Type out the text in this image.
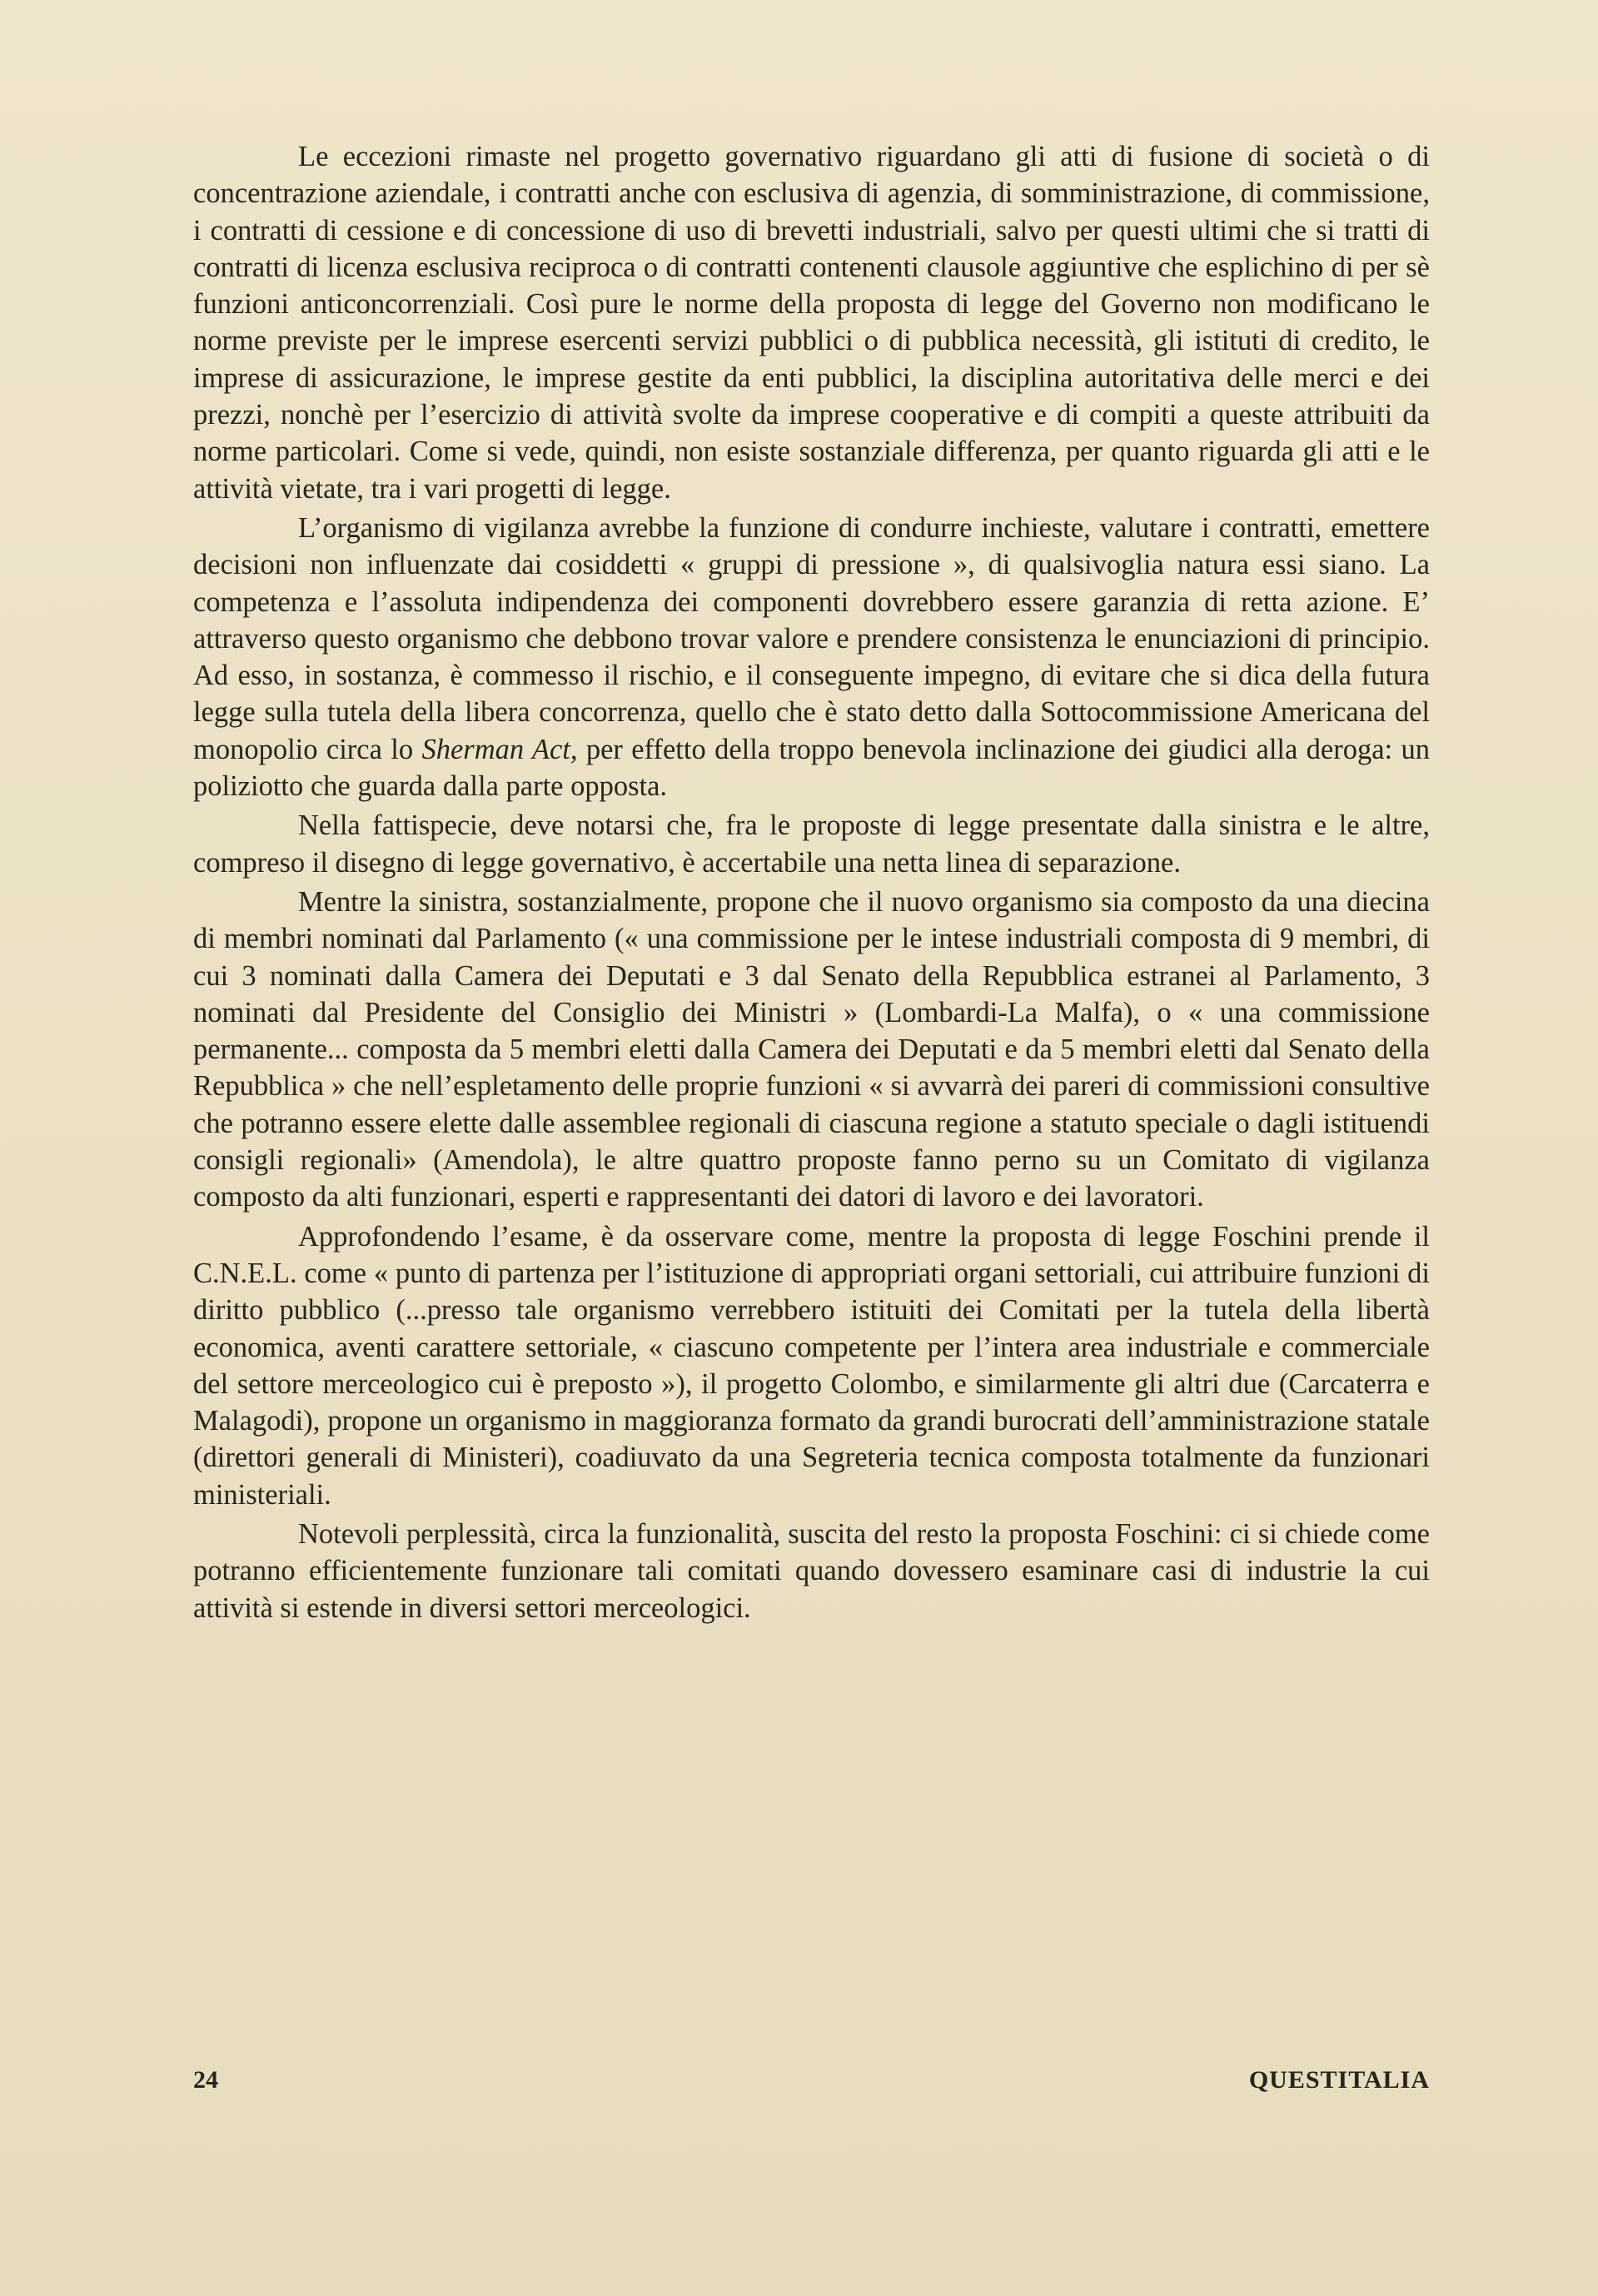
Le eccezioni rimaste nel progetto governativo riguardano gli atti di fusione di società o di concentrazione aziendale, i contratti anche con esclusiva di agenzia, di somministrazione, di commissione, i contratti di cessione e di concessione di uso di brevetti industriali, salvo per questi ultimi che si tratti di contratti di licenza esclusiva reciproca o di contratti contenenti clausole aggiuntive che esplichino di per sè funzioni anticoncorrenziali. Così pure le norme della proposta di legge del Governo non modificano le norme previste per le imprese esercenti servizi pubblici o di pubblica necessità, gli istituti di credito, le imprese di assicurazione, le imprese gestite da enti pubblici, la disciplina autoritativa delle merci e dei prezzi, nonchè per l’esercizio di attività svolte da imprese cooperative e di compiti a queste attribuiti da norme particolari. Come si vede, quindi, non esiste sostanziale differenza, per quanto riguarda gli atti e le attività vietate, tra i vari progetti di legge.

L’organismo di vigilanza avrebbe la funzione di condurre inchieste, valutare i contratti, emettere decisioni non influenzate dai cosiddetti « gruppi di pressione », di qualsivoglia natura essi siano. La competenza e l’assoluta indipendenza dei componenti dovrebbero essere garanzia di retta azione. E’ attraverso questo organismo che debbono trovar valore e prendere consistenza le enunciazioni di principio. Ad esso, in sostanza, è commesso il rischio, e il conseguente impegno, di evitare che si dica della futura legge sulla tutela della libera concorrenza, quello che è stato detto dalla Sottocommissione Americana del monopolio circa lo Sherman Act, per effetto della troppo benevola inclinazione dei giudici alla deroga: un poliziotto che guarda dalla parte opposta.

Nella fattispecie, deve notarsi che, fra le proposte di legge presentate dalla sinistra e le altre, compreso il disegno di legge governativo, è accertabile una netta linea di separazione.

Mentre la sinistra, sostanzialmente, propone che il nuovo organismo sia composto da una diecina di membri nominati dal Parlamento (« una commissione per le intese industriali composta di 9 membri, di cui 3 nominati dalla Camera dei Deputati e 3 dal Senato della Repubblica estranei al Parlamento, 3 nominati dal Presidente del Consiglio dei Ministri » (Lombardi-La Malfa), o « una commissione permanente... composta da 5 membri eletti dalla Camera dei Deputati e da 5 membri eletti dal Senato della Repubblica » che nell’espletamento delle proprie funzioni « si avvarrà dei pareri di commissioni consultive che potranno essere elette dalle assemblee regionali di ciascuna regione a statuto speciale o dagli istituendi consigli regionali» (Amendola), le altre quattro proposte fanno perno su un Comitato di vigilanza composto da alti funzionari, esperti e rappresentanti dei datori di lavoro e dei lavoratori.

Approfondendo l’esame, è da osservare come, mentre la proposta di legge Foschini prende il C.N.E.L. come « punto di partenza per l’istituzione di appropriati organi settoriali, cui attribuire funzioni di diritto pubblico (...presso tale organismo verrebbero istituiti dei Comitati per la tutela della libertà economica, aventi carattere settoriale, « ciascuno competente per l’intera area industriale e commerciale del settore merceologico cui è preposto »), il progetto Colombo, e similarmente gli altri due (Carcaterra e Malagodi), propone un organismo in maggioranza formato da grandi burocrati dell’amministrazione statale (direttori generali di Ministeri), coadiuvato da una Segreteria tecnica composta totalmente da funzionari ministeriali.

Notevoli perplessità, circa la funzionalità, suscita del resto la proposta Foschini: ci si chiede come potranno efficientemente funzionare tali comitati quando dovessero esaminare casi di industrie la cui attività si estende in diversi settori merceologici.

24	QUESTITALIA
